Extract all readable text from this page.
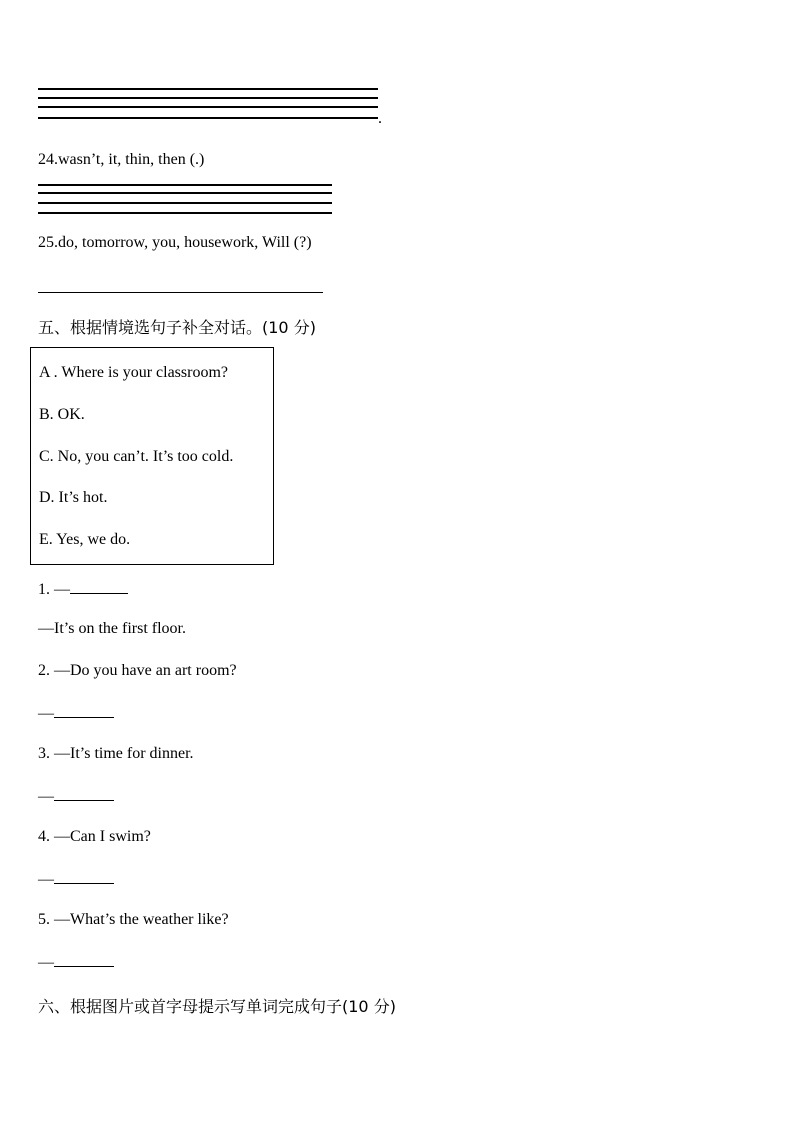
.
24.wasn’t, it, thin, then (.)
25.do, tomorrow, you, housework, Will (?)
五、根据情境选句子补全对话。(10 分)
A . Where is your classroom?
B. OK.
C. No, you can’t. It’s too cold.
D. It’s hot.
E. Yes, we do.
1. —
—It’s on the first floor.
2. —Do you have an art room?
—
3. —It’s time for dinner.
—
4. —Can I swim?
—
5. —What’s the weather like?
—
六、根据图片或首字母提示写单词完成句子(10 分)
